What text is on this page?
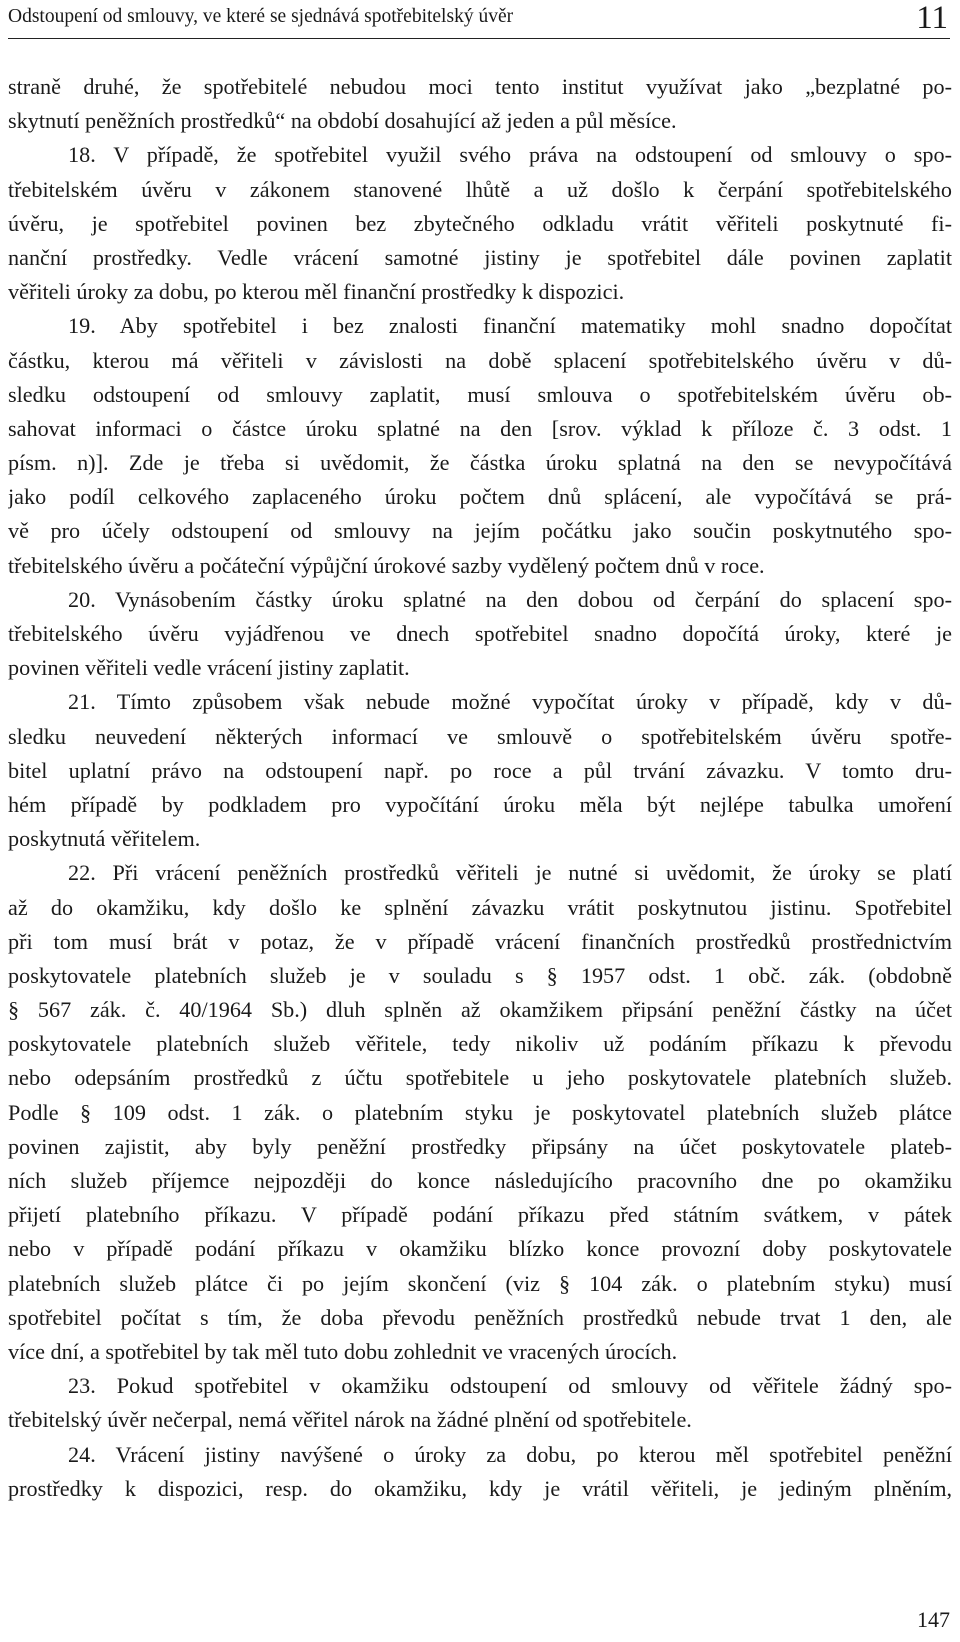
Odstoupení od smlouvy, ve které se sjednává spotřebitelský úvěr	11
straně druhé, že spotřebitelé nebudou moci tento institut využívat jako „bezplatné po-
skytnutí peněžních prostředků“ na období dosahující až jeden a půl měsíce.
18. V případě, že spotřebitel využil svého práva na odstoupení od smlouvy o spo-
třebitelském úvěru v zákonem stanovené lhůtě a už došlo k čerpání spotřebitelského
úvěru, je spotřebitel povinen bez zbytečného odkladu vrátit věřiteli poskytnuté fi-
nanční prostředky. Vedle vrácení samotné jistiny je spotřebitel dále povinen zaplatit
věřiteli úroky za dobu, po kterou měl finanční prostředky k dispozici.
19. Aby spotřebitel i bez znalosti finanční matematiky mohl snadno dopočítat
částku, kterou má věřiteli v závislosti na době splacení spotřebitelského úvěru v dů-
sledku odstoupení od smlouvy zaplatit, musí smlouva o spotřebitelském úvěru ob-
sahovat informaci o částce úroku splatné na den [srov. výklad k příloze č. 3 odst. 1
písm. n)]. Zde je třeba si uvědomit, že částka úroku splatná na den se nevypočítává
jako podíl celkového zaplaceného úroku počtem dnů splácení, ale vypočítává se prá-
vě pro účely odstoupení od smlouvy na jejím počátku jako součin poskytnutého spo-
třebitelského úvěru a počáteční výpůjční úrokové sazby vydělený počtem dnů v roce.
20. Vynásobením částky úroku splatné na den dobou od čerpání do splacení spo-
třebitelského úvěru vyjádřenou ve dnech spotřebitel snadno dopočítá úroky, které je
povinen věřiteli vedle vrácení jistiny zaplatit.
21. Tímto způsobem však nebude možné vypočítat úroky v případě, kdy v dů-
sledku neuvedení některých informací ve smlouvě o spotřebitelském úvěru spotře-
bitel uplatní právo na odstoupení např. po roce a půl trvání závazku. V tomto dru-
hém případě by podkladem pro vypočítání úroku měla být nejlépe tabulka umoření
poskytnutá věřitelem.
22. Při vrácení peněžních prostředků věřiteli je nutné si uvědomit, že úroky se platí
až do okamžiku, kdy došlo ke splnění závazku vrátit poskytnutou jistinu. Spotřebitel
při tom musí brát v potaz, že v případě vrácení finančních prostředků prostřednictvím
poskytovatele platebních služeb je v souladu s § 1957 odst. 1 obč. zák. (obdobně
§ 567 zák. č. 40/1964 Sb.) dluh splněn až okamžikem připsání peněžní částky na účet
poskytovatele platebních služeb věřitele, tedy nikoliv už podáním příkazu k převodu
nebo odepsáním prostředků z účtu spotřebitele u jeho poskytovatele platebních služeb.
Podle § 109 odst. 1 zák. o platebním styku je poskytovatel platebních služeb plátce
povinen zajistit, aby byly peněžní prostředky připsány na účet poskytovatele plateb-
ních služeb příjemce nejpozději do konce následujícího pracovního dne po okamžiku
přijetí platebního příkazu. V případě podání příkazu před státním svátkem, v pátek
nebo v případě podání příkazu v okamžiku blízko konce provozní doby poskytovatele
platebních služeb plátce či po jejím skončení (viz § 104 zák. o platebním styku) musí
spotřebitel počítat s tím, že doba převodu peněžních prostředků nebude trvat 1 den, ale
více dní, a spotřebitel by tak měl tuto dobu zohlednit ve vracených úrocích.
23. Pokud spotřebitel v okamžiku odstoupení od smlouvy od věřitele žádný spo-
třebitelský úvěr nečerpal, nemá věřitel nárok na žádné plnění od spotřebitele.
24. Vrácení jistiny navýšené o úroky za dobu, po kterou měl spotřebitel peněžní
prostředky k dispozici, resp. do okamžiku, kdy je vrátil věřiteli, je jediným plněním,
147
